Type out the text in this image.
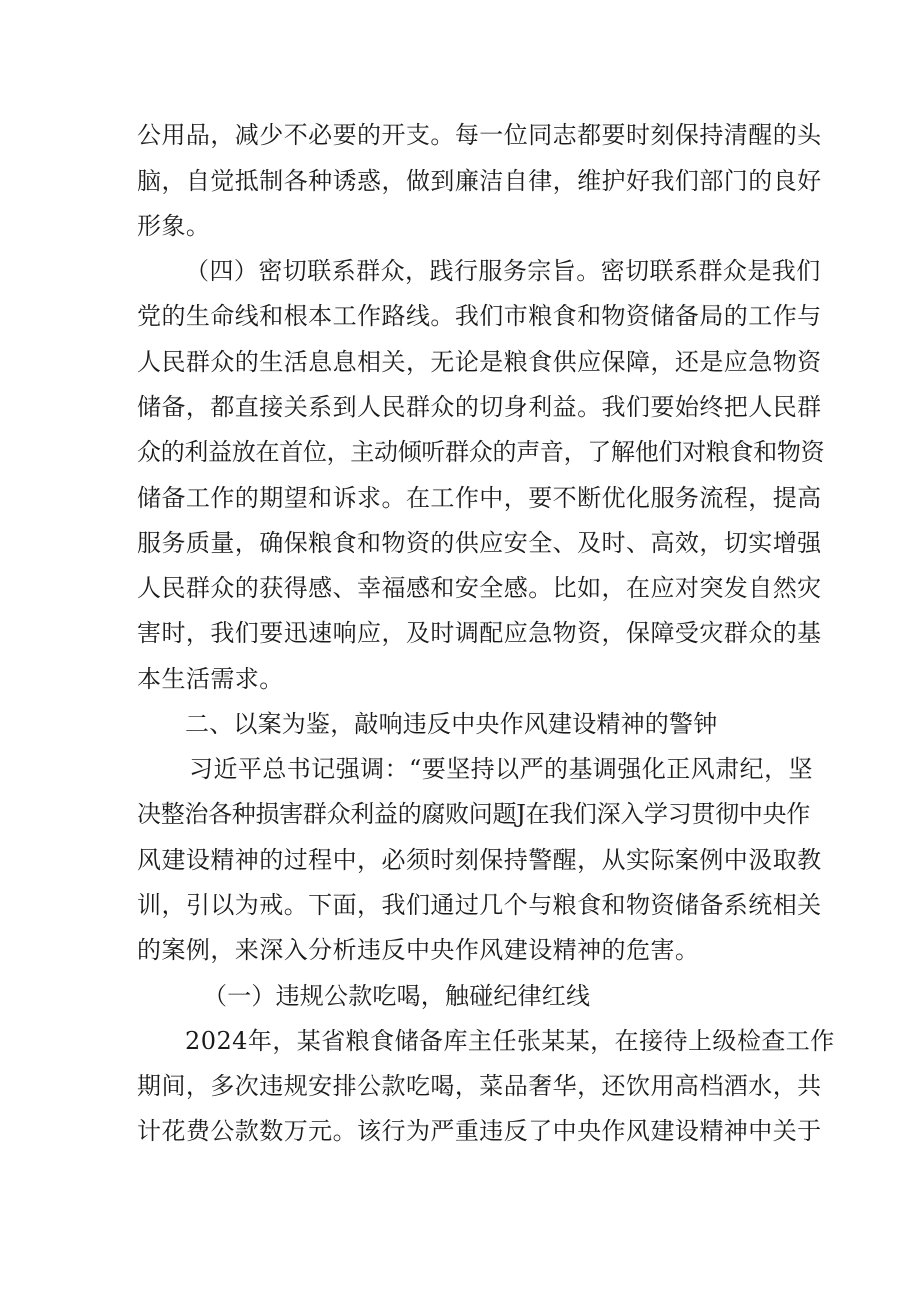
公用品，减少不必要的开支。每一位同志都要时刻保持清醒的头
脑，自觉抵制各种诱惑，做到廉洁自律，维护好我们部门的良好
形象。
（四）密切联系群众，践行服务宗旨。密切联系群众是我们
党的生命线和根本工作路线。我们市粮食和物资储备局的工作与
人民群众的生活息息相关，无论是粮食供应保障，还是应急物资
储备，都直接关系到人民群众的切身利益。我们要始终把人民群
众的利益放在首位，主动倾听群众的声音，了解他们对粮食和物资
储备工作的期望和诉求。在工作中，要不断优化服务流程，提高
服务质量，确保粮食和物资的供应安全、及时、高效，切实增强
人民群众的获得感、幸福感和安全感。比如，在应对突发自然灾
害时，我们要迅速响应，及时调配应急物资，保障受灾群众的基
本生活需求。
二、以案为鉴，敲响违反中央作风建设精神的警钟
习近平总书记强调：“要坚持以严的基调强化正风肃纪，坚
决整治各种损害群众利益的腐败问题J在我们深入学习贯彻中央作
风建设精神的过程中，必须时刻保持警醒，从实际案例中汲取教
训，引以为戒。下面，我们通过几个与粮食和物资储备系统相关
的案例，来深入分析违反中央作风建设精神的危害。
（一）违规公款吃喝，触碰纪律红线
2024年，某省粮食储备库主任张某某，在接待上级检查工作
期间，多次违规安排公款吃喝，菜品奢华，还饮用高档酒水，共
计花费公款数万元。该行为严重违反了中央作风建设精神中关于
